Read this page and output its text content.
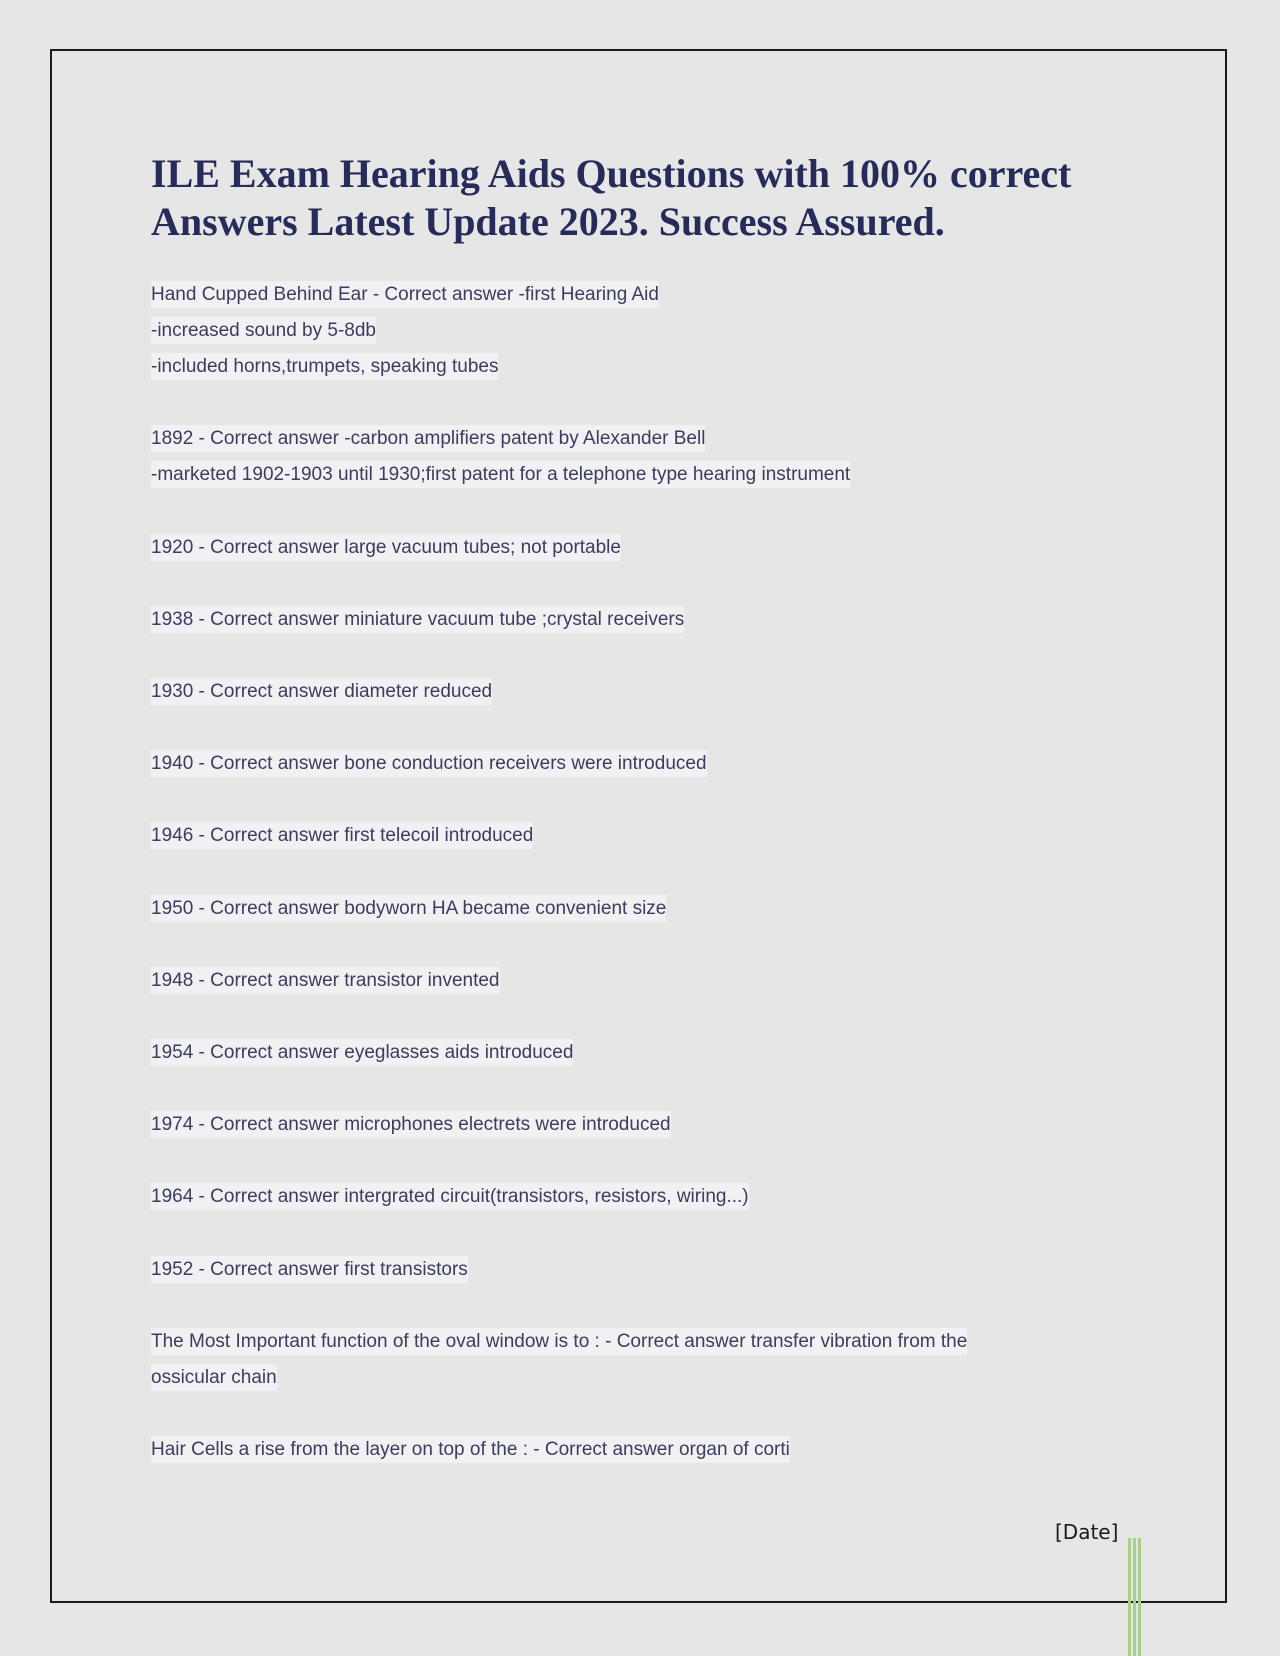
ILE Exam Hearing Aids Questions with 100% correct Answers Latest Update 2023. Success Assured.
Hand Cupped Behind Ear - Correct answer -first Hearing Aid
-increased sound by 5-8db
-included horns,trumpets, speaking tubes
1892 - Correct answer -carbon amplifiers patent by Alexander Bell
-marketed 1902-1903 until 1930;first patent for a telephone type hearing instrument
1920 - Correct answer large vacuum tubes; not portable
1938 - Correct answer miniature vacuum tube ;crystal receivers
1930 - Correct answer diameter reduced
1940 - Correct answer bone conduction receivers were introduced
1946 - Correct answer first telecoil introduced
1950 - Correct answer bodyworn HA became convenient size
1948 - Correct answer transistor invented
1954 - Correct answer eyeglasses aids introduced
1974 - Correct answer microphones electrets were introduced
1964 - Correct answer intergrated circuit(transistors, resistors, wiring...)
1952 - Correct answer first transistors
The Most Important function of the oval window is to : - Correct answer transfer vibration from the
ossicular chain
Hair Cells a rise from the layer on top of the : - Correct answer organ of corti
[Date]
